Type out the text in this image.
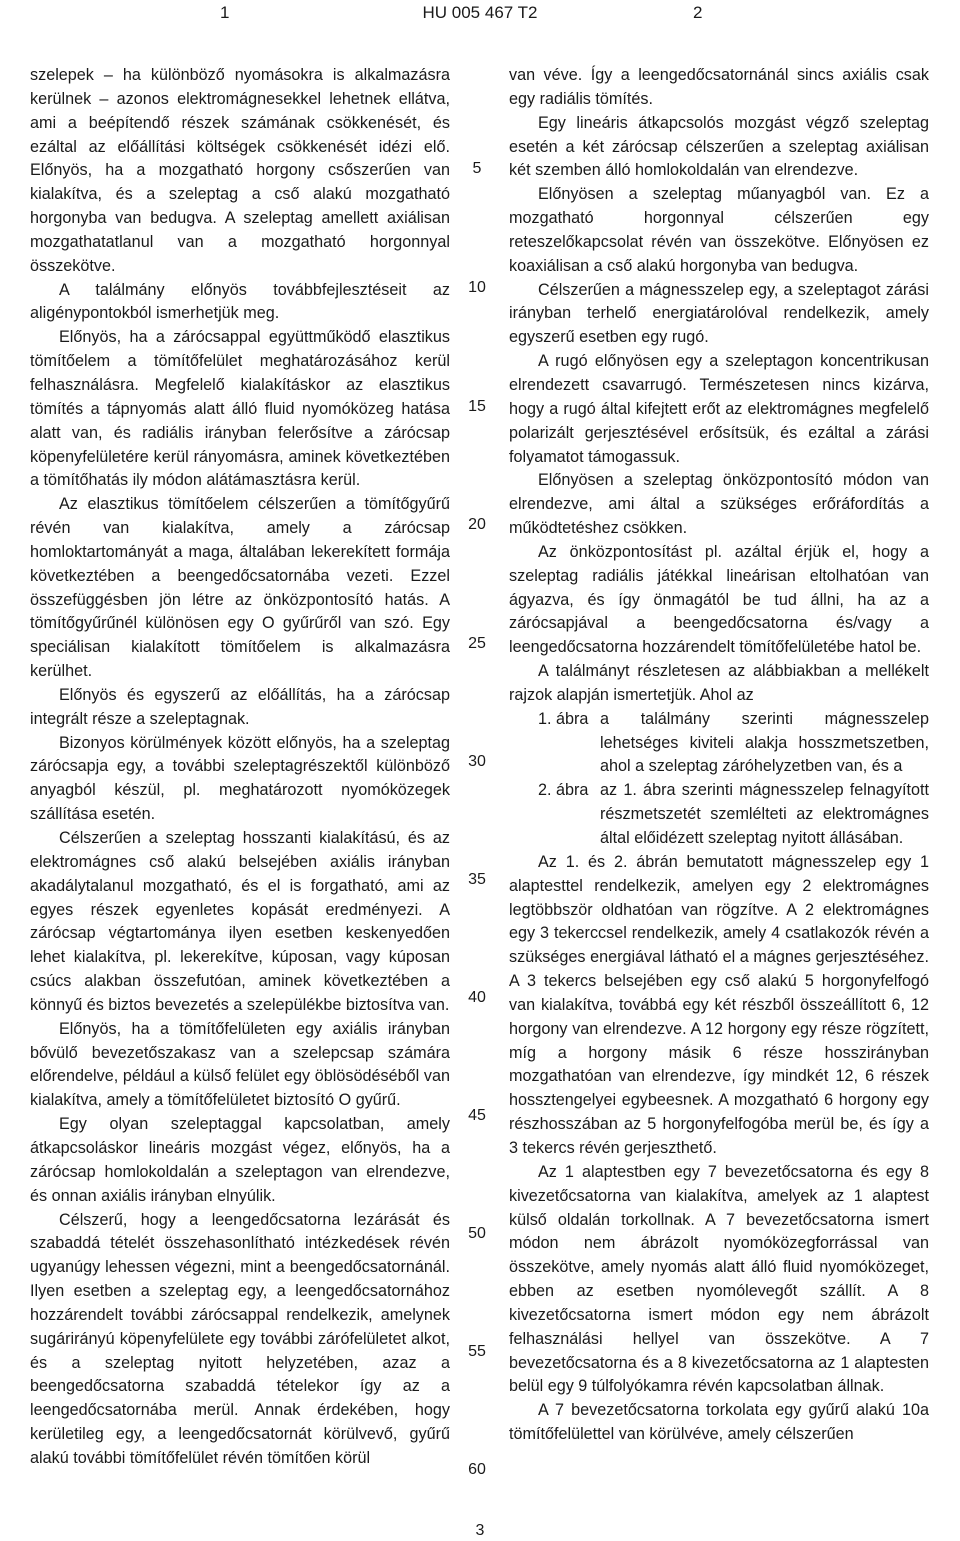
1	HU 005 467 T2	2

szelepek – ha különböző nyomásokra is alkalmazásra kerülnek – azonos elektromágnesekkel lehetnek ellátva, ami a beépítendő részek számának csökkenését, és ezáltal az előállítási költségek csökkenését idézi elő. Előnyös, ha a mozgatható horgony csőszerűen van kialakítva, és a szeleptag a cső alakú mozgatható horgonyba van bedugva. A szeleptag amellett axiálisan mozgathatatlanul van a mozgatható horgonnyal összekötve.

A találmány előnyös továbbfejlesztéseit az aligénypontokból ismerhetjük meg.

Előnyös, ha a zárócsappal együttműködő elasztikus tömítőelem a tömítőfelület meghatározásához kerül felhasználásra. Megfelelő kialakításkor az elasztikus tömítés a tápnyomás alatt álló fluid nyomóközeg hatása alatt van, és radiális irányban felerősítve a zárócsap köpenyfelületére kerül rányomásra, aminek következtében a tömítőhatás ily módon alátámasztásra kerül.

Az elasztikus tömítőelem célszerűen a tömítőgyűrű révén van kialakítva, amely a zárócsap homloktartományát a maga, általában lekerekített formája következtében a beengedőcsatornába vezeti. Ezzel összefüggésben jön létre az önközpontosító hatás. A tömítőgyűrűnél különösen egy O gyűrűről van szó. Egy speciálisan kialakított tömítőelem is alkalmazásra kerülhet.

Előnyös és egyszerű az előállítás, ha a zárócsap integrált része a szeleptagnak.

Bizonyos körülmények között előnyös, ha a szeleptag zárócsapja egy, a további szeleptagrészektől különböző anyagból készül, pl. meghatározott nyomóközegek szállítása esetén.

Célszerűen a szeleptag hosszanti kialakítású, és az elektromágnes cső alakú belsejében axiális irányban akadálytalanul mozgatható, és el is forgatható, ami az egyes részek egyenletes kopását eredményezi. A zárócsap végtartománya ilyen esetben keskenyedően lehet kialakítva, pl. lekerekítve, kúposan, vagy kúposan csúcs alakban összefutóan, aminek következtében a könnyű és biztos bevezetés a szelepülékbe biztosítva van.

Előnyös, ha a tömítőfelületen egy axiális irányban bővülő bevezetőszakasz van a szelepcsap számára előrendelve, például a külső felület egy öblösödéséből van kialakítva, amely a tömítőfelületet biztosító O gyűrű.

Egy olyan szeleptaggal kapcsolatban, amely átkapcsoláskor lineáris mozgást végez, előnyös, ha a zárócsap homlokoldalán a szeleptagon van elrendezve, és onnan axiális irányban elnyúlik.

Célszerű, hogy a leengedőcsatorna lezárását és szabaddá tételét összehasonlítható intézkedések révén ugyanúgy lehessen végezni, mint a beengedőcsatornánál. Ilyen esetben a szeleptag egy, a leengedőcsatornához hozzárendelt további zárócsappal rendelkezik, amelynek sugárirányú köpenyfelülete egy további zárófelületet alkot, és a szeleptag nyitott helyzetében, azaz a beengedőcsatorna szabaddá tételekor így az a leengedőcsatornába merül. Annak érdekében, hogy kerületileg egy, a leengedőcsatornát körülvevő, gyűrű alakú további tömítőfelület révén tömítően körül

5
10
15
20
25
30
35
40
45
50
55
60

van véve. Így a leengedőcsatornánál sincs axiális csak egy radiális tömítés.

Egy lineáris átkapcsolós mozgást végző szeleptag esetén a két zárócsap célszerűen a szeleptag axiálisan két szemben álló homlokoldalán van elrendezve.

Előnyösen a szeleptag műanyagból van. Ez a mozgatható horgonnyal célszerűen egy reteszelőkapcsolat révén van összekötve. Előnyösen ez koaxiálisan a cső alakú horgonyba van bedugva.

Célszerűen a mágnesszelep egy, a szeleptagot zárási irányban terhelő energiatárolóval rendelkezik, amely egyszerű esetben egy rugó.

A rugó előnyösen egy a szeleptagon koncentrikusan elrendezett csavarrugó. Természetesen nincs kizárva, hogy a rugó által kifejtett erőt az elektromágnes megfelelő polarizált gerjesztésével erősítsük, és ezáltal a zárási folyamatot támogassuk.

Előnyösen a szeleptag önközpontosító módon van elrendezve, ami által a szükséges erőráfordítás a működtetéshez csökken.

Az önközpontosítást pl. azáltal érjük el, hogy a szeleptag radiális játékkal lineárisan eltolhatóan van ágyazva, és így önmagától be tud állni, ha az a zárócsapjával a beengedőcsatorna és/vagy a leengedőcsatorna hozzárendelt tömítőfelületébe hatol be.

A találmányt részletesen az alábbiakban a mellékelt rajzok alapján ismertetjük. Ahol az

1. ábra a találmány szerinti mágnesszelep lehetséges kiviteli alakja hosszmetszetben, ahol a szeleptag záróhelyzetben van, és a
2. ábra az 1. ábra szerinti mágnesszelep felnagyított részmetszetét szemlélteti az elektromágnes által előidézett szeleptag nyitott állásában.

Az 1. és 2. ábrán bemutatott mágnesszelep egy 1 alaptesttel rendelkezik, amelyen egy 2 elektromágnes legtöbbször oldhatóan van rögzítve. A 2 elektromágnes egy 3 tekerccsel rendelkezik, amely 4 csatlakozók révén a szükséges energiával látható el a mágnes gerjesztéséhez. A 3 tekercs belsejében egy cső alakú 5 horgonyfelfogó van kialakítva, továbbá egy két részből összeállított 6, 12 horgony van elrendezve. A 12 horgony egy része rögzített, míg a horgony másik 6 része hosszirányban mozgathatóan van elrendezve, így mindkét 12, 6 részek hossztengelyei egybeesnek. A mozgatható 6 horgony egy részhosszában az 5 horgonyfelfogóba merül be, és így a 3 tekercs révén gerjeszthető.

Az 1 alaptestben egy 7 bevezetőcsatorna és egy 8 kivezetőcsatorna van kialakítva, amelyek az 1 alaptest külső oldalán torkollnak. A 7 bevezetőcsatorna ismert módon nem ábrázolt nyomóközegforrással van összekötve, amely nyomás alatt álló fluid nyomóközeget, ebben az esetben nyomólevegőt szállít. A 8 kivezetőcsatorna ismert módon egy nem ábrázolt felhasználási hellyel van összekötve. A 7 bevezetőcsatorna és a 8 kivezetőcsatorna az 1 alaptesten belül egy 9 túlfolyókamra révén kapcsolatban állnak.

A 7 bevezetőcsatorna torkolata egy gyűrű alakú 10a tömítőfelülettel van körülvéve, amely célszerűen

3
